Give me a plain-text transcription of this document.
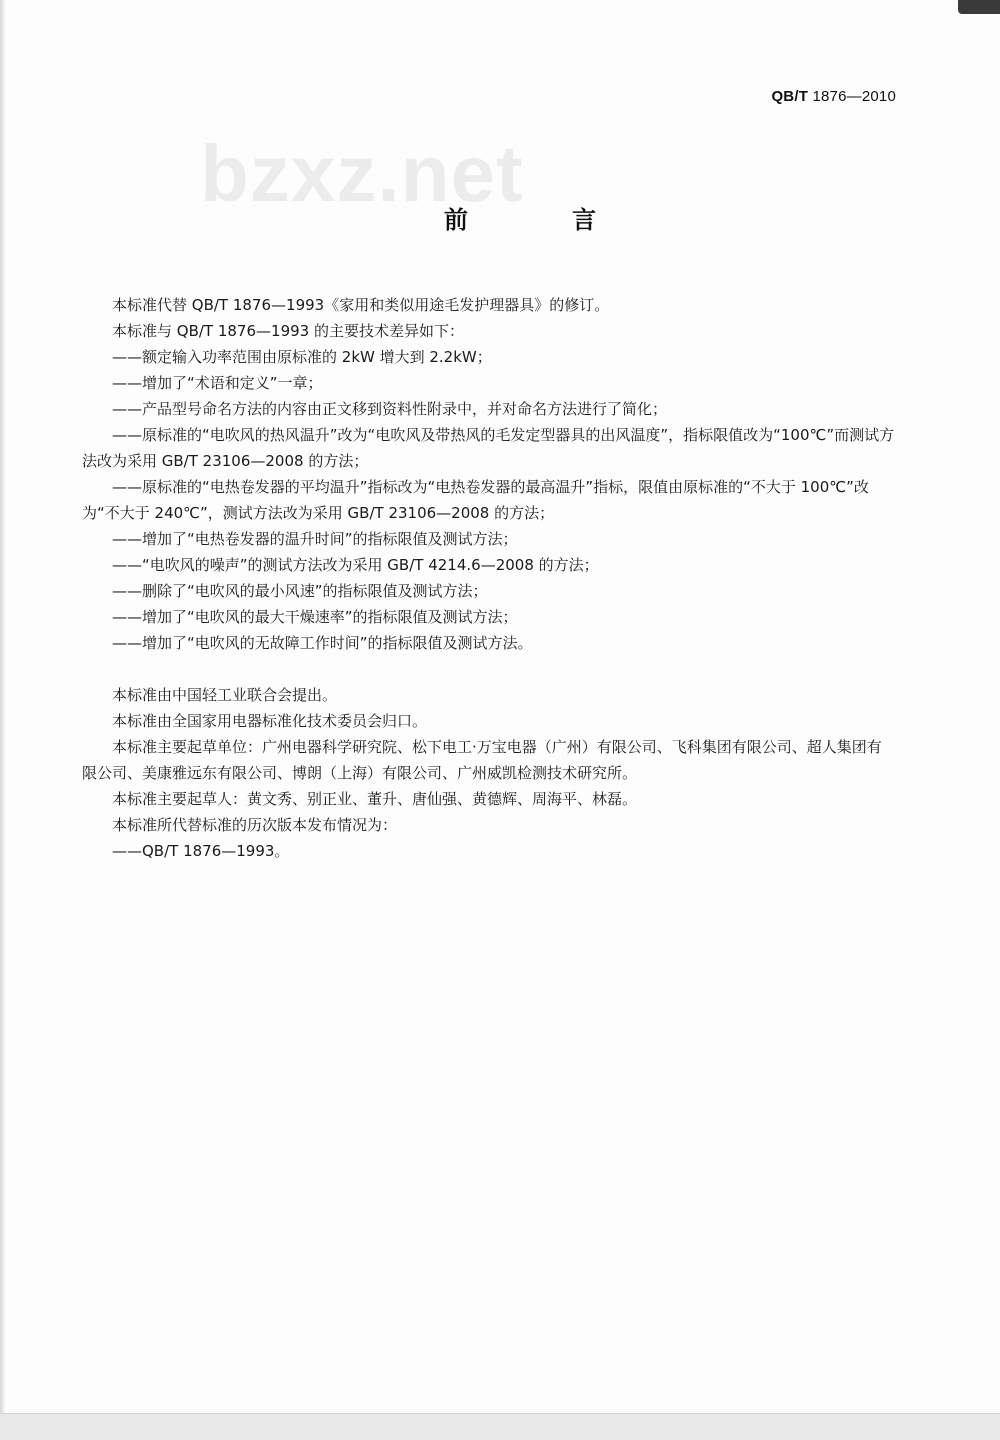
QB/T 1876—2010
bzxz.net
前　言

本标准代替 QB/T 1876—1993《家用和类似用途毛发护理器具》的修订。

本标准与 QB/T 1876—1993 的主要技术差异如下：

——额定输入功率范围由原标准的 2kW 增大到 2.2kW；

——增加了“术语和定义”一章；

——产品型号命名方法的内容由正文移到资料性附录中，并对命名方法进行了简化；

——原标准的“电吹风的热风温升”改为“电吹风及带热风的毛发定型器具的出风温度”，指标限值改为“100℃”而测试方法改为采用 GB/T 23106—2008 的方法；

——原标准的“电热卷发器的平均温升”指标改为“电热卷发器的最高温升”指标，限值由原标准的“不大于 100℃”改为“不大于 240℃”，测试方法改为采用 GB/T 23106—2008 的方法；

——增加了“电热卷发器的温升时间”的指标限值及测试方法；

——“电吹风的噪声”的测试方法改为采用 GB/T 4214.6—2008 的方法；

——删除了“电吹风的最小风速”的指标限值及测试方法；

——增加了“电吹风的最大干燥速率”的指标限值及测试方法；

——增加了“电吹风的无故障工作时间”的指标限值及测试方法。

本标准由中国轻工业联合会提出。

本标准由全国家用电器标准化技术委员会归口。

本标准主要起草单位：广州电器科学研究院、松下电工·万宝电器（广州）有限公司、飞科集团有限公司、超人集团有限公司、美康雅远东有限公司、博朗（上海）有限公司、广州威凯检测技术研究所。

本标准主要起草人：黄文秀、别正业、董升、唐仙强、黄德辉、周海平、林磊。

本标准所代替标准的历次版本发布情况为：

——QB/T 1876—1993。
